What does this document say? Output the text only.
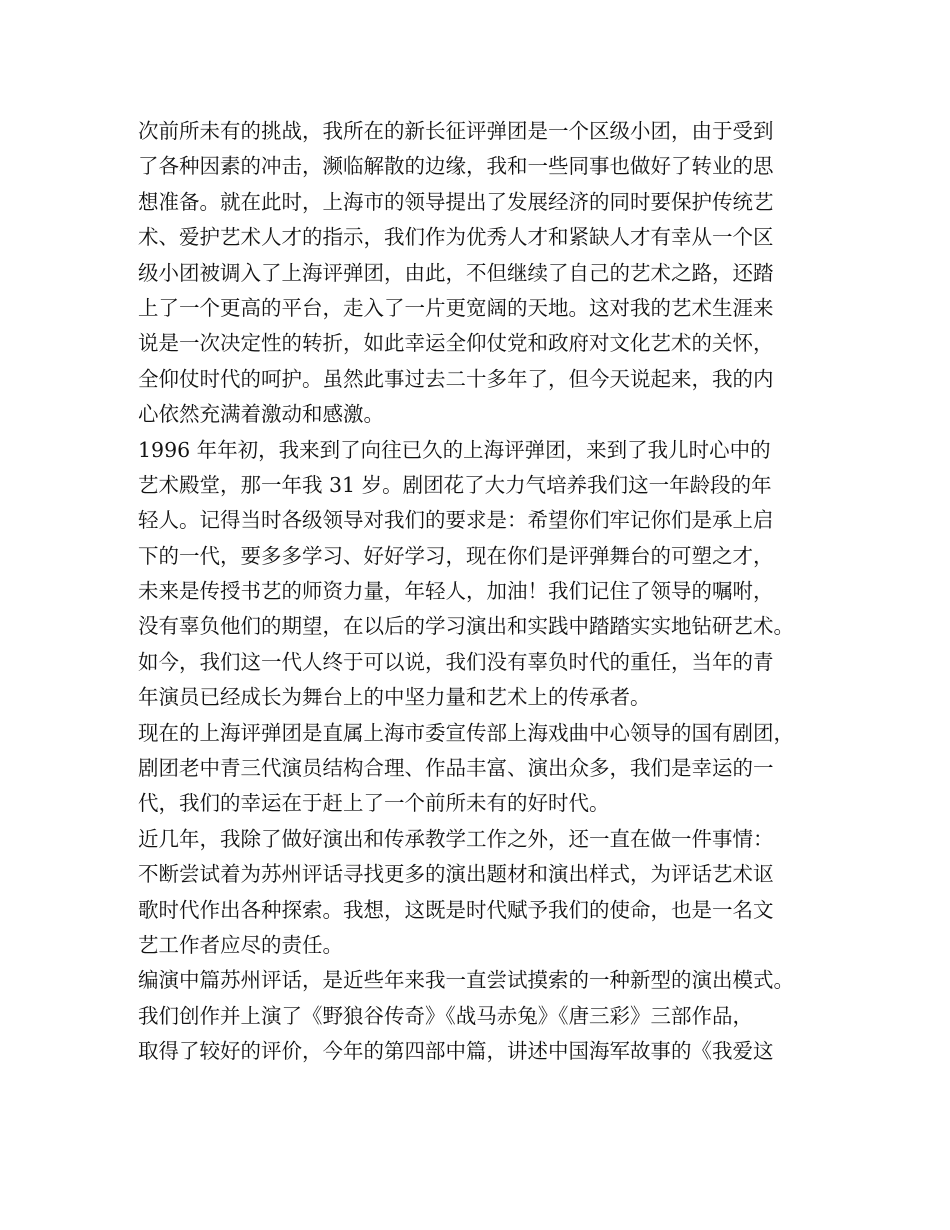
次前所未有的挑战，我所在的新长征评弹团是一个区级小团，由于受到
了各种因素的冲击，濒临解散的边缘，我和一些同事也做好了转业的思
想准备。就在此时，上海市的领导提出了发展经济的同时要保护传统艺
术、爱护艺术人才的指示，我们作为优秀人才和紧缺人才有幸从一个区
级小团被调入了上海评弹团，由此，不但继续了自己的艺术之路，还踏
上了一个更高的平台，走入了一片更宽阔的天地。这对我的艺术生涯来
说是一次决定性的转折，如此幸运全仰仗党和政府对文化艺术的关怀，
全仰仗时代的呵护。虽然此事过去二十多年了，但今天说起来，我的内
心依然充满着激动和感激。
1996 年年初，我来到了向往已久的上海评弹团，来到了我儿时心中的
艺术殿堂，那一年我 31 岁。剧团花了大力气培养我们这一年龄段的年
轻人。记得当时各级领导对我们的要求是：希望你们牢记你们是承上启
下的一代，要多多学习、好好学习，现在你们是评弹舞台的可塑之才，
未来是传授书艺的师资力量，年轻人，加油！我们记住了领导的嘱咐，
没有辜负他们的期望，在以后的学习演出和实践中踏踏实实地钻研艺术。
如今，我们这一代人终于可以说，我们没有辜负时代的重任，当年的青
年演员已经成长为舞台上的中坚力量和艺术上的传承者。
现在的上海评弹团是直属上海市委宣传部上海戏曲中心领导的国有剧团，
剧团老中青三代演员结构合理、作品丰富、演出众多，我们是幸运的一
代，我们的幸运在于赶上了一个前所未有的好时代。
近几年，我除了做好演出和传承教学工作之外，还一直在做一件事情：
不断尝试着为苏州评话寻找更多的演出题材和演出样式，为评话艺术讴
歌时代作出各种探索。我想，这既是时代赋予我们的使命，也是一名文
艺工作者应尽的责任。
编演中篇苏州评话，是近些年来我一直尝试摸索的一种新型的演出模式。
我们创作并上演了《野狼谷传奇》《战马赤兔》《唐三彩》三部作品，
取得了较好的评价，今年的第四部中篇，讲述中国海军故事的《我爱这
